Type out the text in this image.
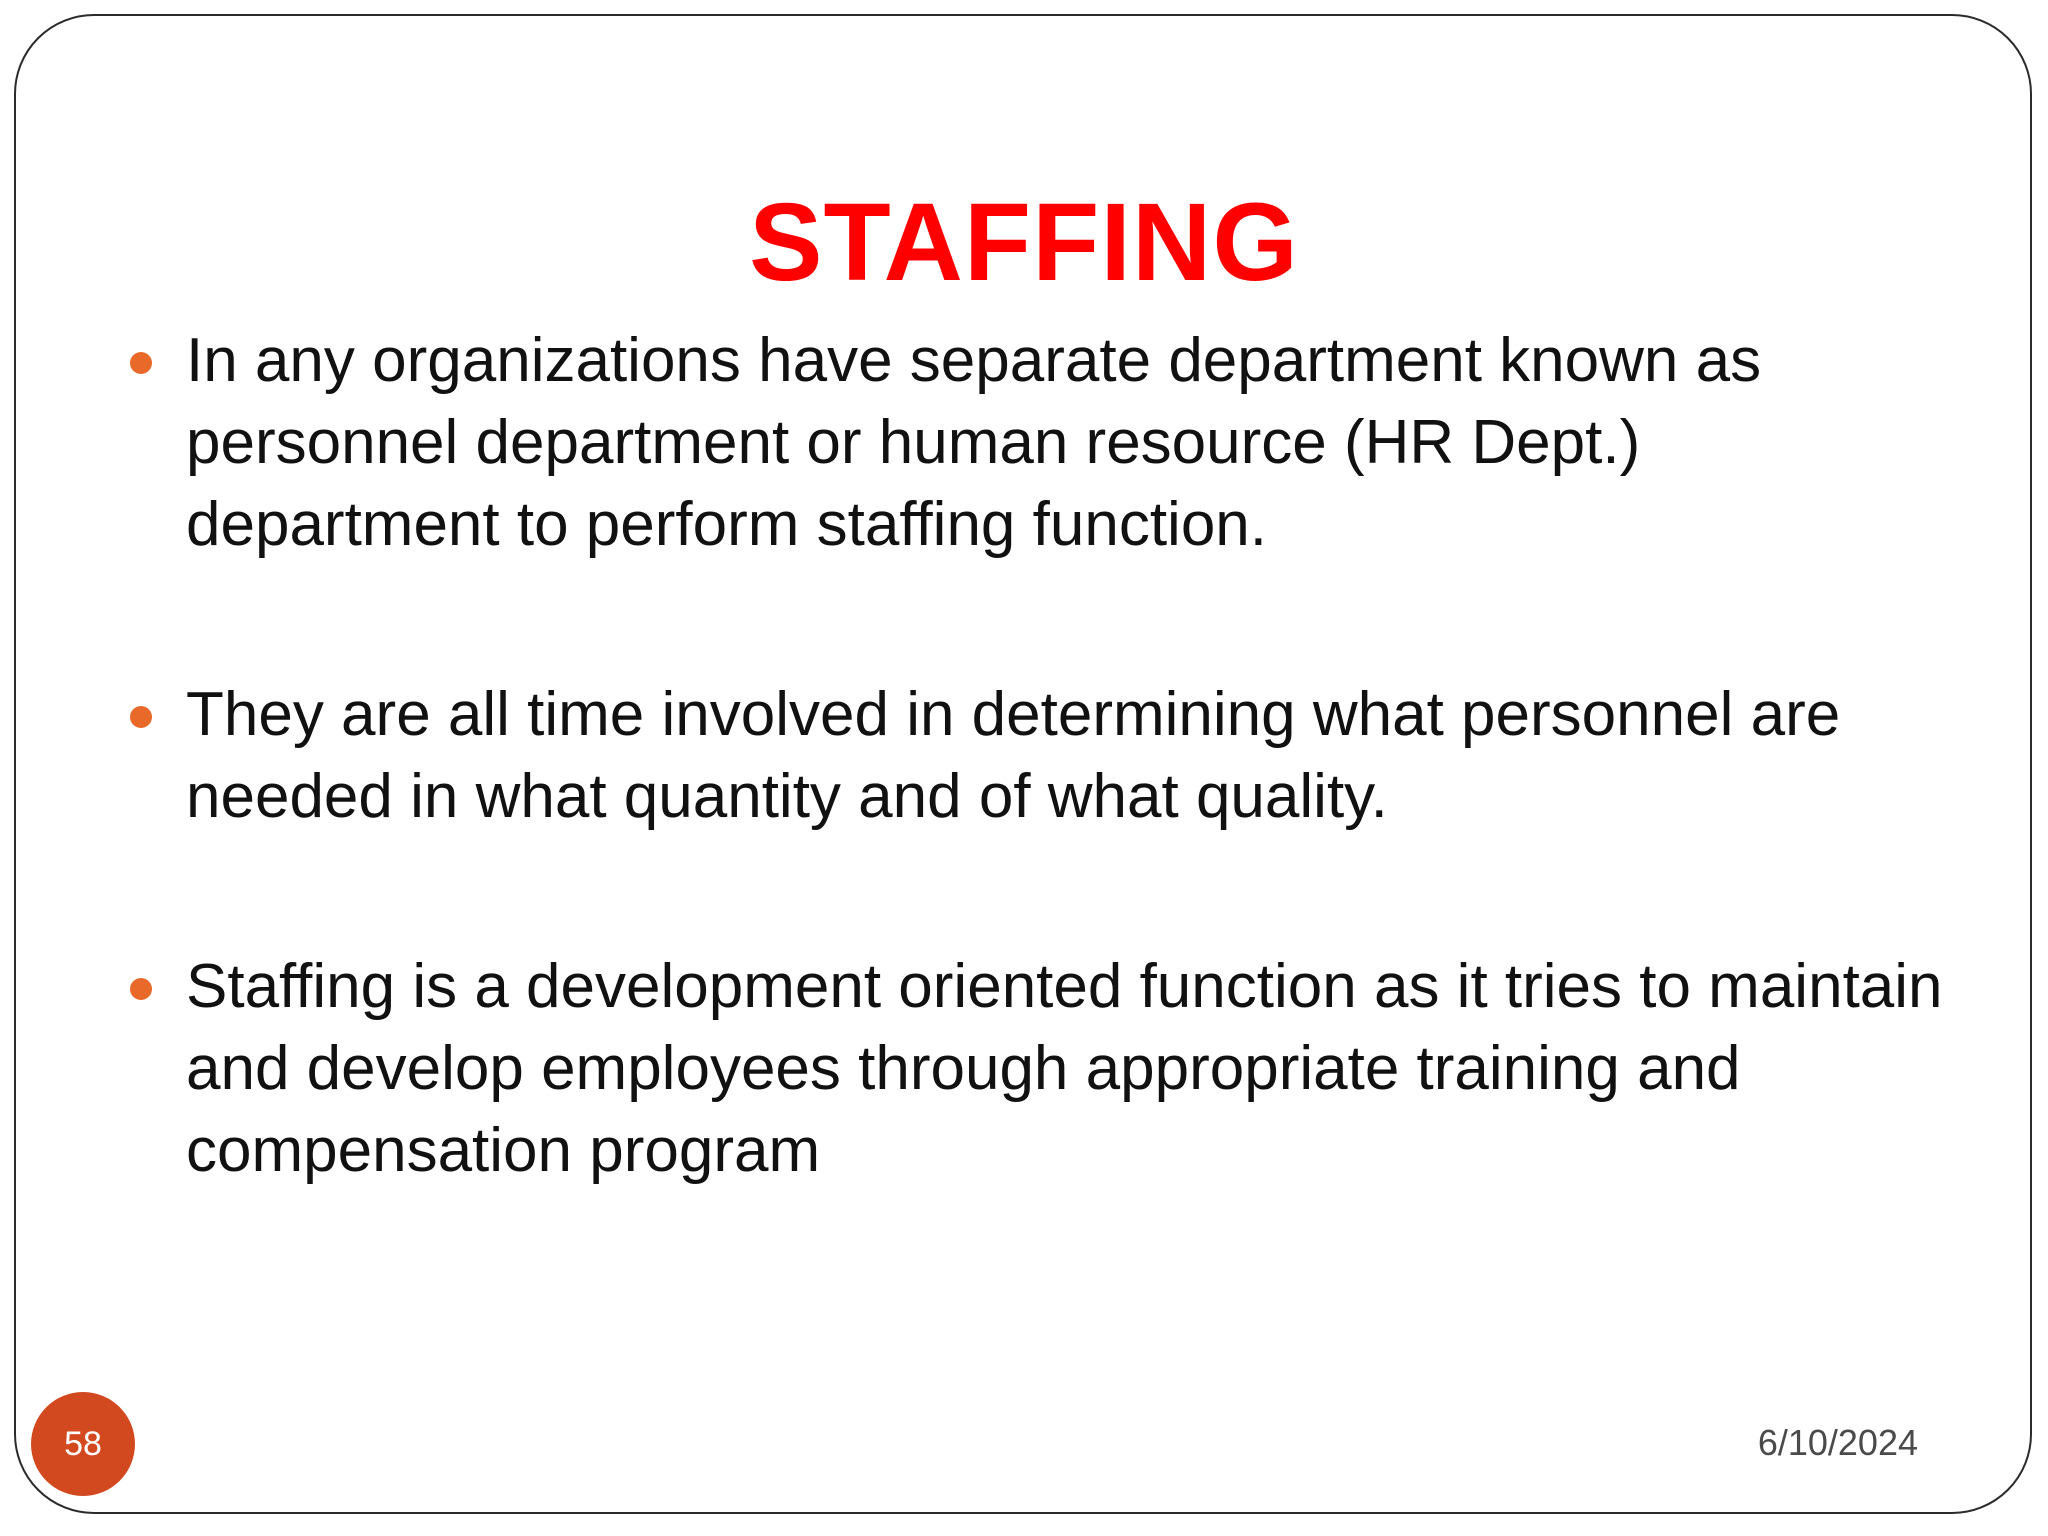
STAFFING
In any organizations have separate department known as personnel department or human resource (HR Dept.) department to perform staffing function.
They are all time involved in determining what personnel are needed in what quantity and of what quality.
Staffing is a development oriented function as it tries to maintain and develop employees through appropriate training and compensation program
58	6/10/2024
